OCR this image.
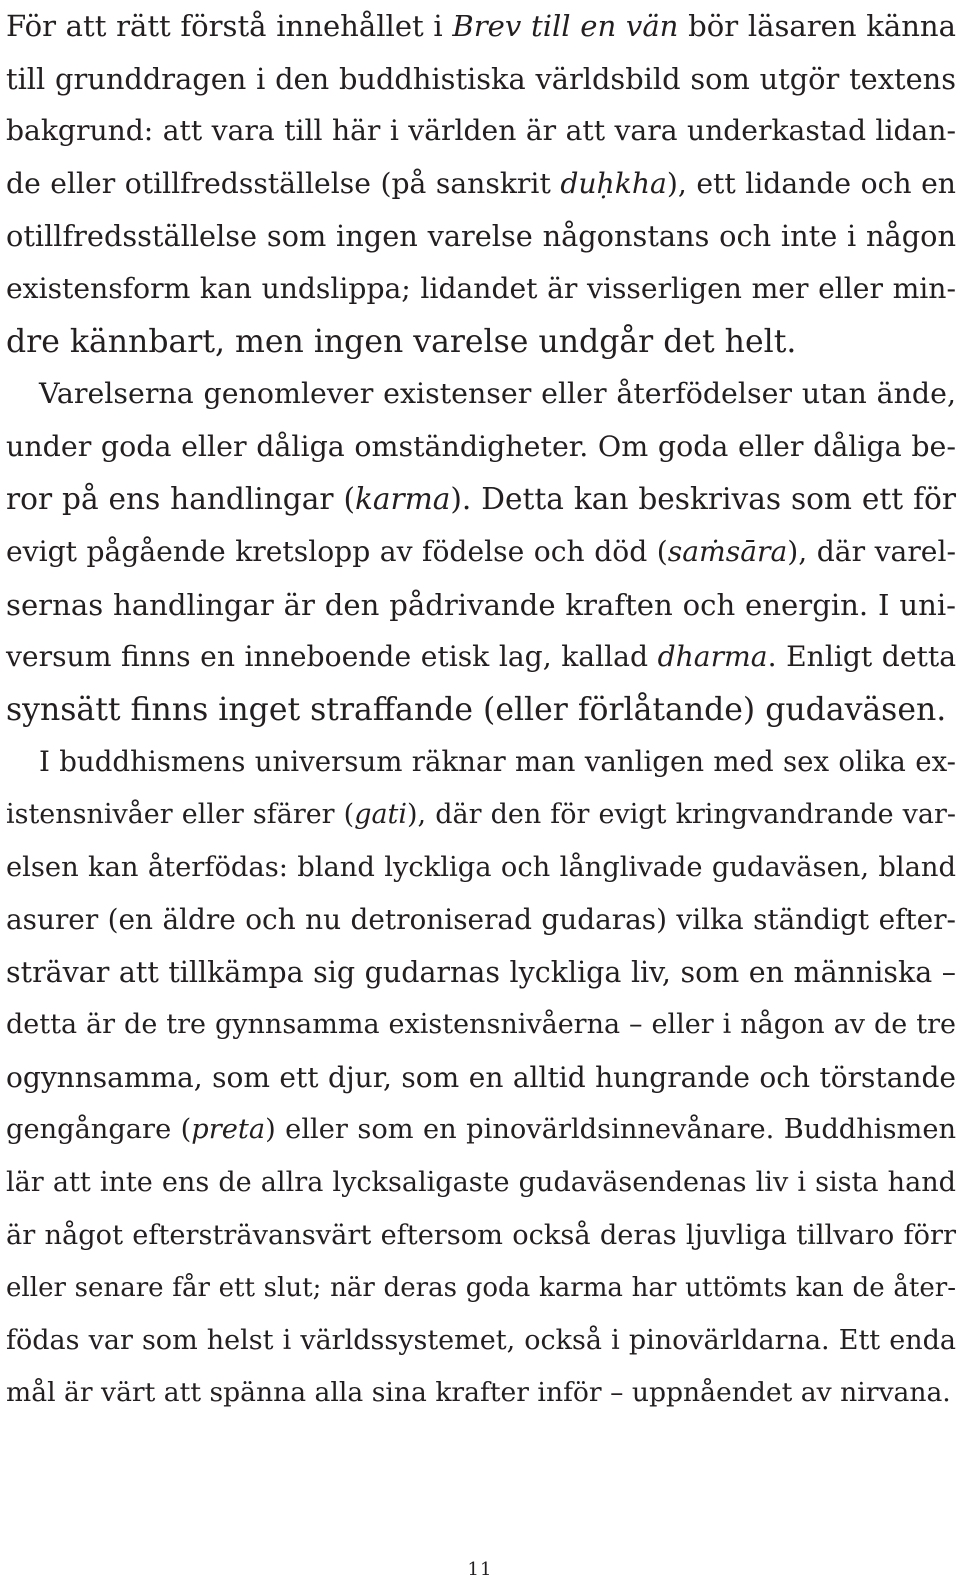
För att rätt förstå innehållet i Brev till en vän bör läsaren känna
till grunddragen i den buddhistiska världsbild som utgör textens
bakgrund: att vara till här i världen är att vara underkastad lidan-
de eller otillfredsställelse (på sanskrit duḥkha), ett lidande och en
otillfredsställelse som ingen varelse någonstans och inte i någon
existensform kan undslippa; lidandet är visserligen mer eller min-
dre kännbart, men ingen varelse undgår det helt.
Varelserna genomlever existenser eller återfödelser utan ände,
under goda eller dåliga omständigheter. Om goda eller dåliga be-
ror på ens handlingar (karma). Detta kan beskrivas som ett för
evigt pågående kretslopp av födelse och död (saṁsāra), där varel-
sernas handlingar är den pådrivande kraften och energin. I uni-
versum finns en inneboende etisk lag, kallad dharma. Enligt detta
synsätt finns inget straffande (eller förlåtande) gudaväsen.
I buddhismens universum räknar man vanligen med sex olika ex-
istensnivåer eller sfärer (gati), där den för evigt kringvandrande var-
elsen kan återfödas: bland lyckliga och långlivade gudaväsen, bland
asurer (en äldre och nu detroniserad gudaras) vilka ständigt efter-
strävar att tillkämpa sig gudarnas lyckliga liv, som en människa –
detta är de tre gynnsamma existensnivåerna – eller i någon av de tre
ogynnsamma, som ett djur, som en alltid hungrande och törstande
gengångare (preta) eller som en pinovärldsinnevånare. Buddhismen
lär att inte ens de allra lycksaligaste gudaväsendenas liv i sista hand
är något eftersträvansvärt eftersom också deras ljuvliga tillvaro förr
eller senare får ett slut; när deras goda karma har uttömts kan de åter-
födas var som helst i världssystemet, också i pinovärldarna. Ett enda
mål är värt att spänna alla sina krafter inför – uppnåendet av nirvana.
11
